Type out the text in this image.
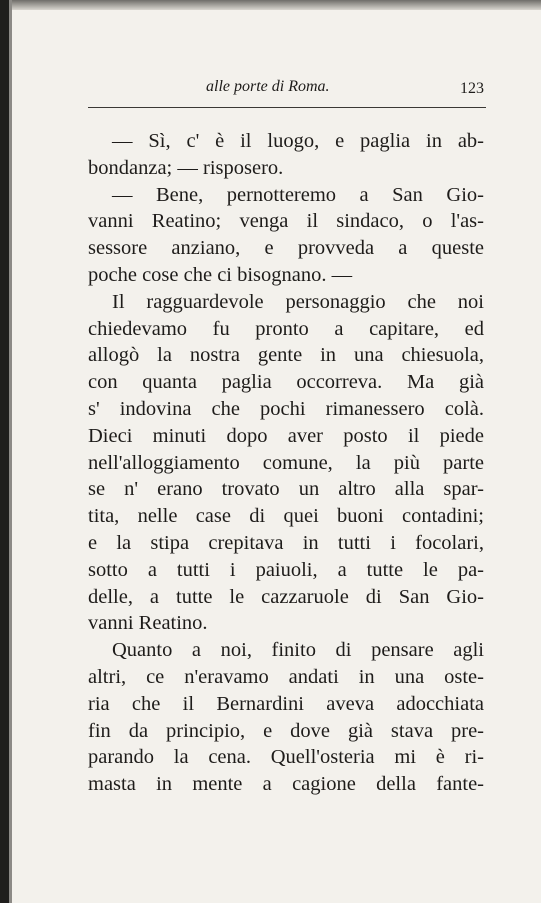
alle porte di Roma.	123
— Sì, c' è il luogo, e paglia in ab-
bondanza; — risposero.
— Bene, pernotteremo a San Gio-
vanni Reatino; venga il sindaco, o l'as-
sessore anziano, e provveda a queste
poche cose che ci bisognano. —
Il ragguardevole personaggio che noi
chiedevamo fu pronto a capitare, ed
allogò la nostra gente in una chiesuola,
con quanta paglia occorreva. Ma già
s' indovina che pochi rimanessero colà.
Dieci minuti dopo aver posto il piede
nell'alloggiamento comune, la più parte
se n' erano trovato un altro alla spar-
tita, nelle case di quei buoni contadini;
e la stipa crepitava in tutti i focolari,
sotto a tutti i paiuoli, a tutte le pa-
delle, a tutte le cazzaruole di San Gio-
vanni Reatino.
Quanto a noi, finito di pensare agli
altri, ce n'eravamo andati in una oste-
ria che il Bernardini aveva adocchiata
fin da principio, e dove già stava pre-
parando la cena. Quell'osteria mi è ri-
masta in mente a cagione della fante-
